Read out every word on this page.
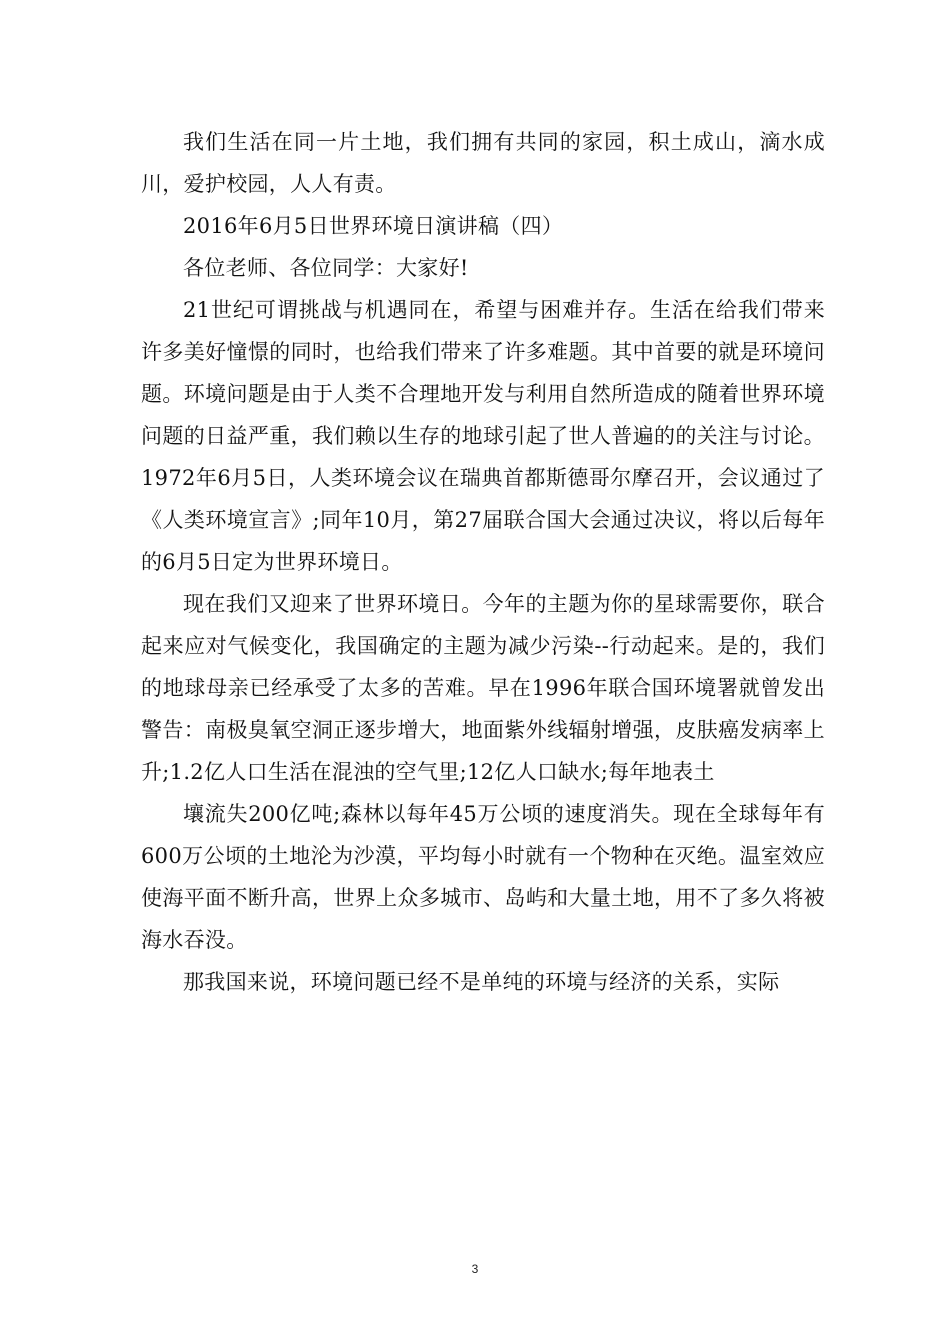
我们生活在同一片土地，我们拥有共同的家园，积土成山，滴水成川，爱护校园，人人有责。

2016年6月5日世界环境日演讲稿（四）

各位老师、各位同学：大家好!

21世纪可谓挑战与机遇同在，希望与困难并存。生活在给我们带来许多美好憧憬的同时，也给我们带来了许多难题。其中首要的就是环境问题。环境问题是由于人类不合理地开发与利用自然所造成的随着世界环境问题的日益严重，我们赖以生存的地球引起了世人普遍的的关注与讨论。1972年6月5日，人类环境会议在瑞典首都斯德哥尔摩召开，会议通过了《人类环境宣言》;同年10月，第27届联合国大会通过决议，将以后每年的6月5日定为世界环境日。

现在我们又迎来了世界环境日。今年的主题为你的星球需要你，联合起来应对气候变化，我国确定的主题为减少污染--行动起来。是的，我们的地球母亲已经承受了太多的苦难。早在1996年联合国环境署就曾发出警告：南极臭氧空洞正逐步增大，地面紫外线辐射增强，皮肤癌发病率上升;1.2亿人口生活在混浊的空气里;12亿人口缺水;每年地表土

壤流失200亿吨;森林以每年45万公顷的速度消失。现在全球每年有600万公顷的土地沦为沙漠，平均每小时就有一个物种在灭绝。温室效应使海平面不断升高，世界上众多城市、岛屿和大量土地，用不了多久将被海水吞没。

那我国来说，环境问题已经不是单纯的环境与经济的关系，实际

3
